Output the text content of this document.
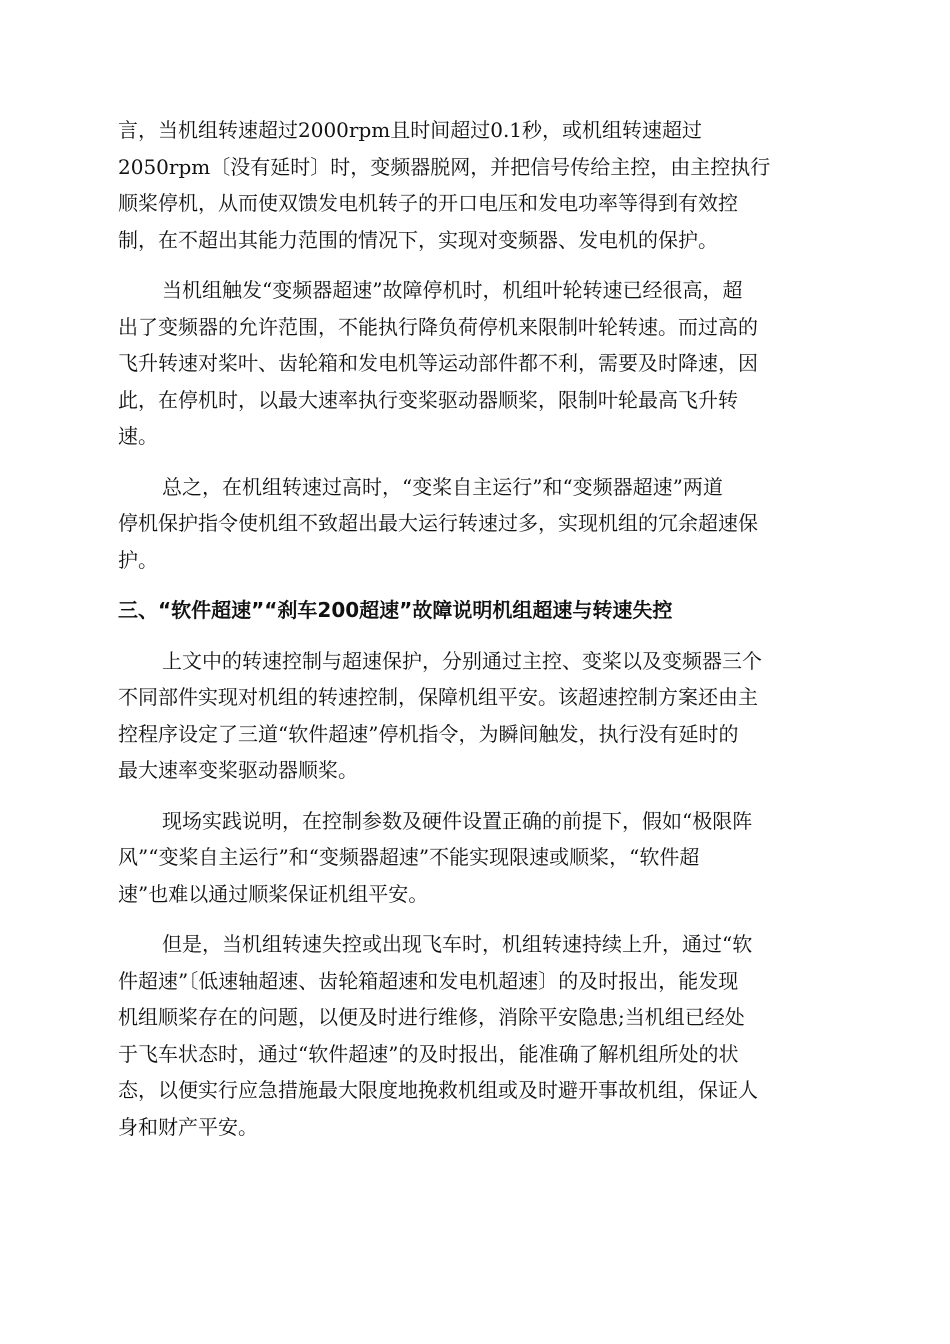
言，当机组转速超过2000rpm且时间超过0.1秒，或机组转速超过
2050rpm〔没有延时〕时，变频器脱网，并把信号传给主控，由主控执行
顺桨停机，从而使双馈发电机转子的开口电压和发电功率等得到有效控
制，在不超出其能力范围的情况下，实现对变频器、发电机的保护。
当机组触发“变频器超速”故障停机时，机组叶轮转速已经很高，超
出了变频器的允许范围，不能执行降负荷停机来限制叶轮转速。而过高的
飞升转速对桨叶、齿轮箱和发电机等运动部件都不利，需要及时降速，因
此，在停机时，以最大速率执行变桨驱动器顺桨，限制叶轮最高飞升转
速。
总之，在机组转速过高时，“变桨自主运行”和“变频器超速”两道
停机保护指令使机组不致超出最大运行转速过多，实现机组的冗余超速保
护。
三、“软件超速”“刹车200超速”故障说明机组超速与转速失控
上文中的转速控制与超速保护，分别通过主控、变桨以及变频器三个
不同部件实现对机组的转速控制，保障机组平安。该超速控制方案还由主
控程序设定了三道“软件超速”停机指令，为瞬间触发，执行没有延时的
最大速率变桨驱动器顺桨。
现场实践说明，在控制参数及硬件设置正确的前提下，假如“极限阵
风”“变桨自主运行”和“变频器超速”不能实现限速或顺桨，“软件超
速”也难以通过顺桨保证机组平安。
但是，当机组转速失控或出现飞车时，机组转速持续上升，通过“软
件超速”〔低速轴超速、齿轮箱超速和发电机超速〕的及时报出，能发现
机组顺桨存在的问题，以便及时进行维修，消除平安隐患;当机组已经处
于飞车状态时，通过“软件超速”的及时报出，能准确了解机组所处的状
态，以便实行应急措施最大限度地挽救机组或及时避开事故机组，保证人
身和财产平安。
